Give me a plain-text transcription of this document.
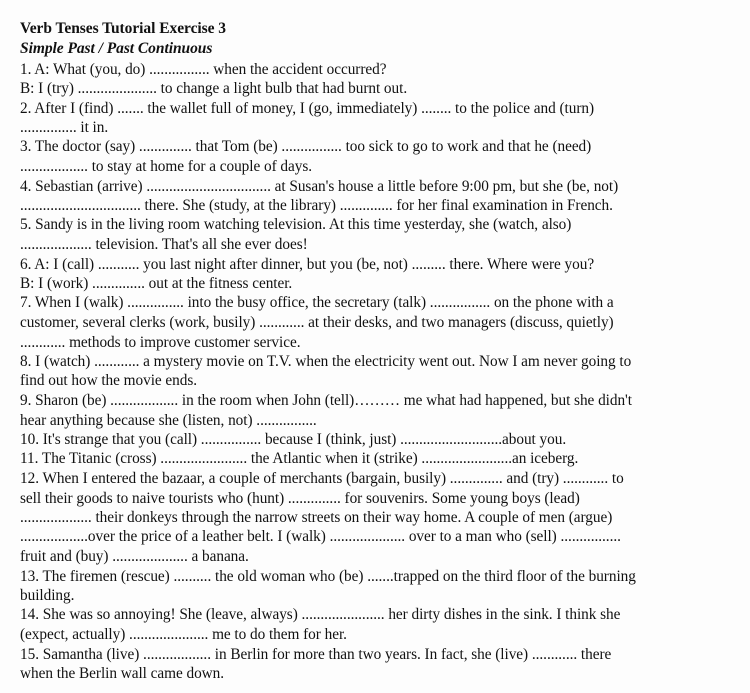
Verb Tenses Tutorial Exercise 3
Simple Past / Past Continuous
1. A: What (you, do) ................ when the accident occurred?
B: I (try) ..................... to change a light bulb that had burnt out.
2. After I (find) ....... the wallet full of money, I (go, immediately) ........ to the police and (turn)
............... it in.
3. The doctor (say) .............. that Tom (be) ................ too sick to go to work and that he (need)
.................. to stay at home for a couple of days.
4. Sebastian (arrive) ................................. at Susan's house a little before 9:00 pm, but she (be, not)
................................ there. She (study, at the library) .............. for her final examination in French.
5. Sandy is in the living room watching television. At this time yesterday, she (watch, also)
................... television. That's all she ever does!
6. A: I (call) ........... you last night after dinner, but you (be, not) ......... there. Where were you?
B: I (work) .............. out at the fitness center.
7. When I (walk) ............... into the busy office, the secretary (talk) ................ on the phone with a
customer, several clerks (work, busily) ............ at their desks, and two managers (discuss, quietly)
............ methods to improve customer service.
8. I (watch) ............ a mystery movie on T.V. when the electricity went out. Now I am never going to
find out how the movie ends.
9. Sharon (be) .................. in the room when John (tell)……… me what had happened, but she didn't
hear anything because she (listen, not) ................
10. It's strange that you (call) ................ because I (think, just) ...........................about you.
11. The Titanic (cross) ....................... the Atlantic when it (strike) ........................an iceberg.
12. When I entered the bazaar, a couple of merchants (bargain, busily) .............. and (try) ............ to
sell their goods to naive tourists who (hunt) .............. for souvenirs. Some young boys (lead)
................... their donkeys through the narrow streets on their way home. A couple of men (argue)
..................over the price of a leather belt. I (walk) .................... over to a man who (sell) ................
fruit and (buy) .................... a banana.
13. The firemen (rescue) .......... the old woman who (be) .......trapped on the third floor of the burning
building.
14. She was so annoying! She (leave, always) ...................... her dirty dishes in the sink. I think she
(expect, actually) ..................... me to do them for her.
15. Samantha (live) .................. in Berlin for more than two years. In fact, she (live) ............ there
when the Berlin wall came down.
